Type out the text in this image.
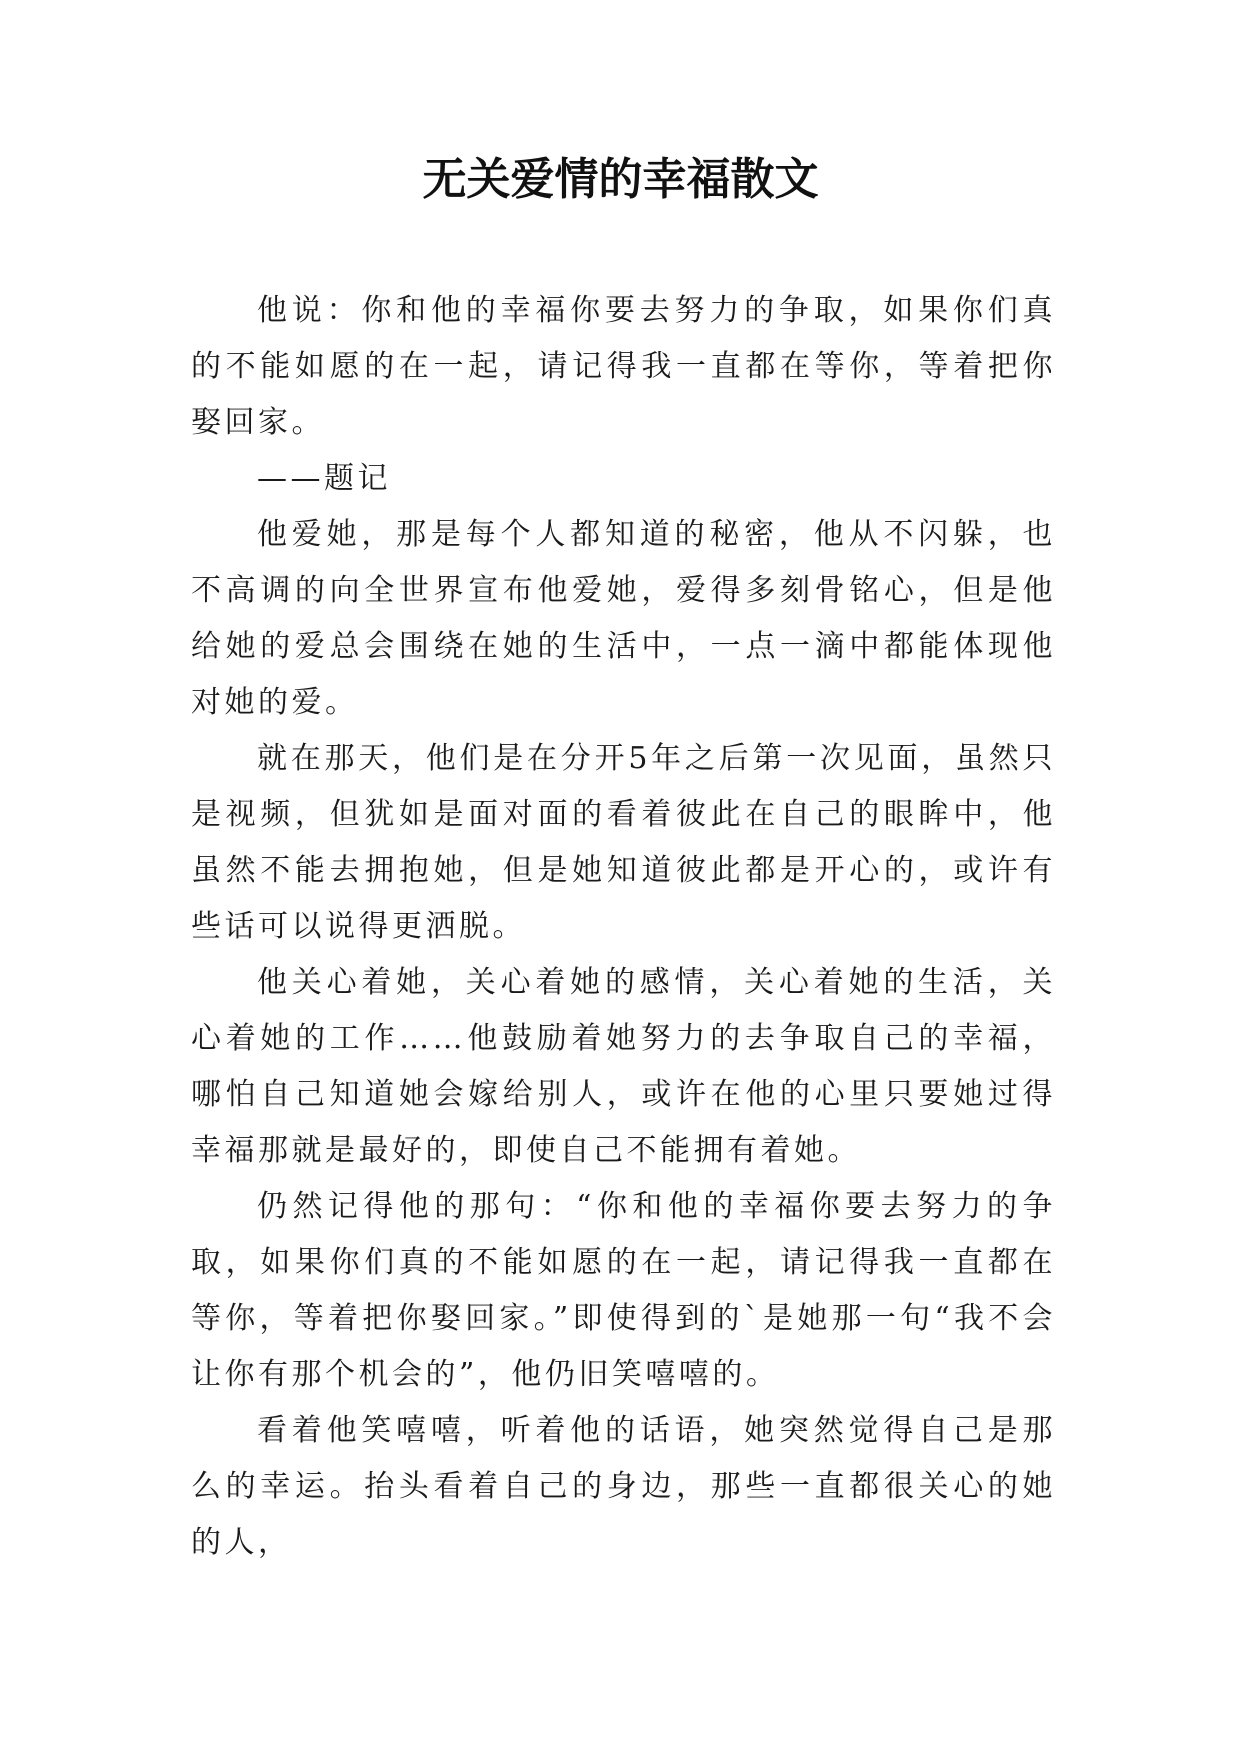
无关爱情的幸福散文

他说：你和他的幸福你要去努力的争取，如果你们真的不能如愿的在一起，请记得我一直都在等你，等着把你娶回家。

——题记

他爱她，那是每个人都知道的秘密，他从不闪躲，也不高调的向全世界宣布他爱她，爱得多刻骨铭心，但是他给她的爱总会围绕在她的生活中，一点一滴中都能体现他对她的爱。

就在那天，他们是在分开5年之后第一次见面，虽然只是视频，但犹如是面对面的看着彼此在自己的眼眸中，他虽然不能去拥抱她，但是她知道彼此都是开心的，或许有些话可以说得更洒脱。

他关心着她，关心着她的感情，关心着她的生活，关心着她的工作……他鼓励着她努力的去争取自己的幸福，哪怕自己知道她会嫁给别人，或许在他的心里只要她过得幸福那就是最好的，即使自己不能拥有着她。

仍然记得他的那句：“你和他的幸福你要去努力的争取，如果你们真的不能如愿的在一起，请记得我一直都在等你，等着把你娶回家。”即使得到的`是她那一句“我不会让你有那个机会的”，他仍旧笑嘻嘻的。

看着他笑嘻嘻，听着他的话语，她突然觉得自己是那么的幸运。抬头看着自己的身边，那些一直都很关心的她的人，
